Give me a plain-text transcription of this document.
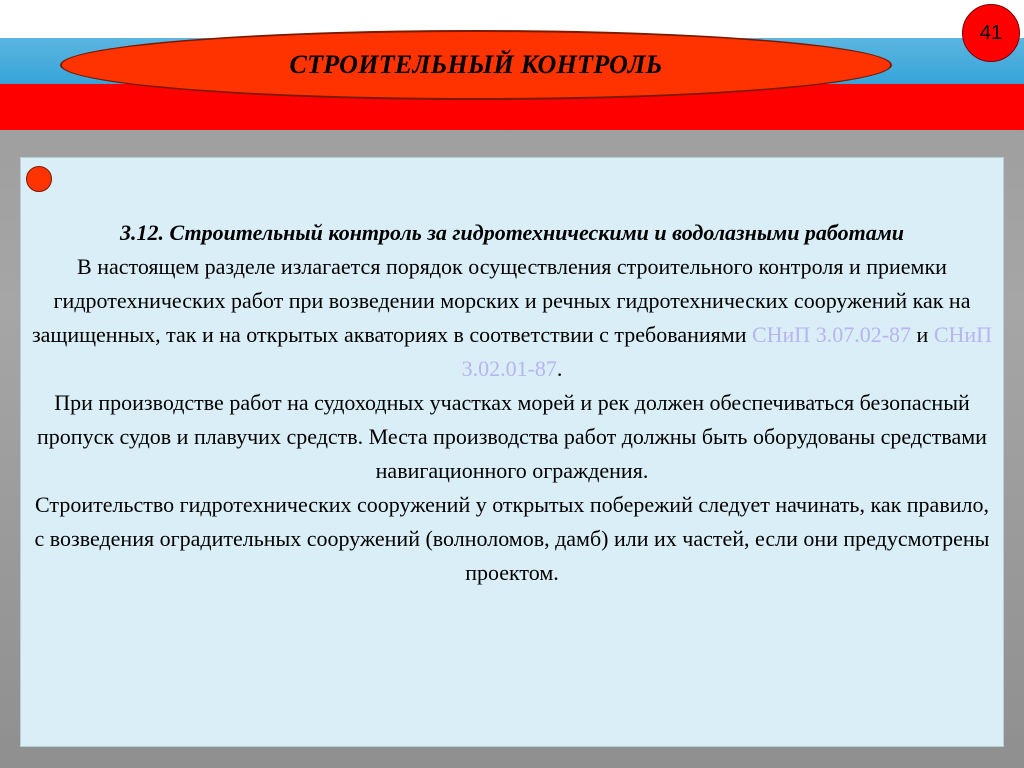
СТРОИТЕЛЬНЫЙ КОНТРОЛЬ
41
3.12. Строительный контроль за гидротехническими и водолазными работами

В настоящем разделе излагается порядок осуществления строительного контроля и приемки гидротехнических работ при возведении морских и речных гидротехнических сооружений как на защищенных, так и на открытых акваториях в соответствии с требованиями СНиП 3.07.02-87 и СНиП 3.02.01-87.

При производстве работ на судоходных участках морей и рек должен обеспечиваться безопасный пропуск судов и плавучих средств. Места производства работ должны быть оборудованы средствами навигационного ограждения.

Строительство гидротехнических сооружений у открытых побережий следует начинать, как правило, с возведения оградительных сооружений (волноломов, дамб) или их частей, если они предусмотрены проектом.
